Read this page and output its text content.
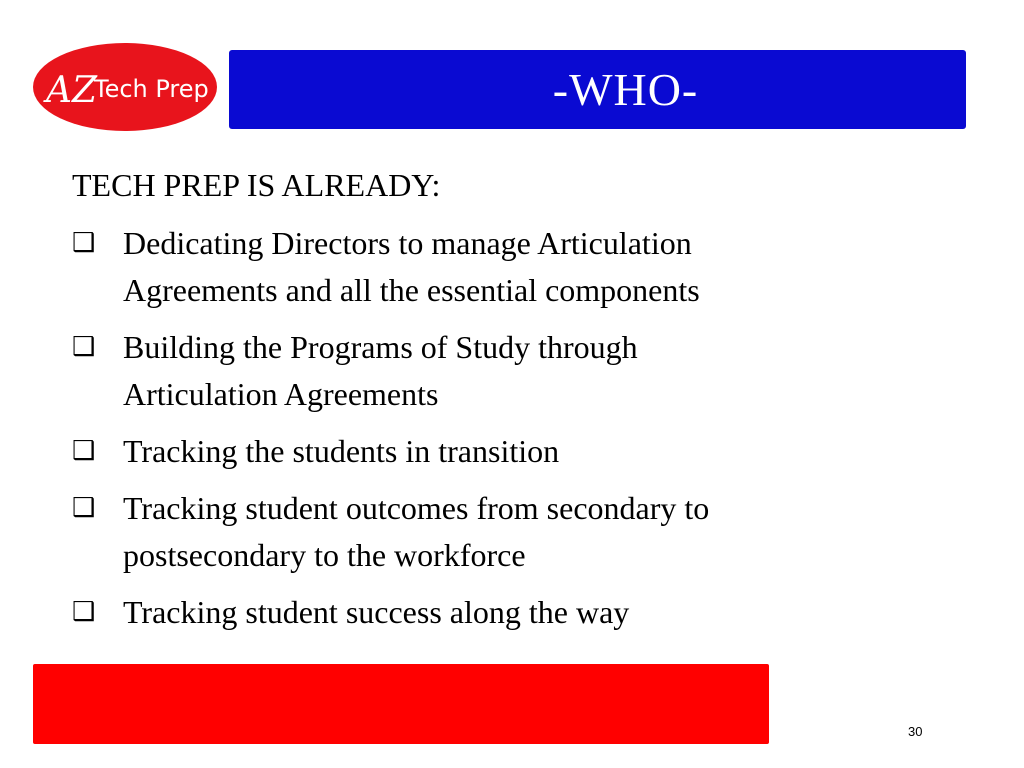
AZ
Tech Prep	-WHO-
TECH PREP IS ALREADY:
❑ Dedicating Directors to manage Articulation
Agreements and all the essential components
❑ Building the Programs of Study through
Articulation Agreements
❑ Tracking the students in transition
❑ Tracking student outcomes from secondary to
postsecondary to the workforce
❑ Tracking student success along the way
30
